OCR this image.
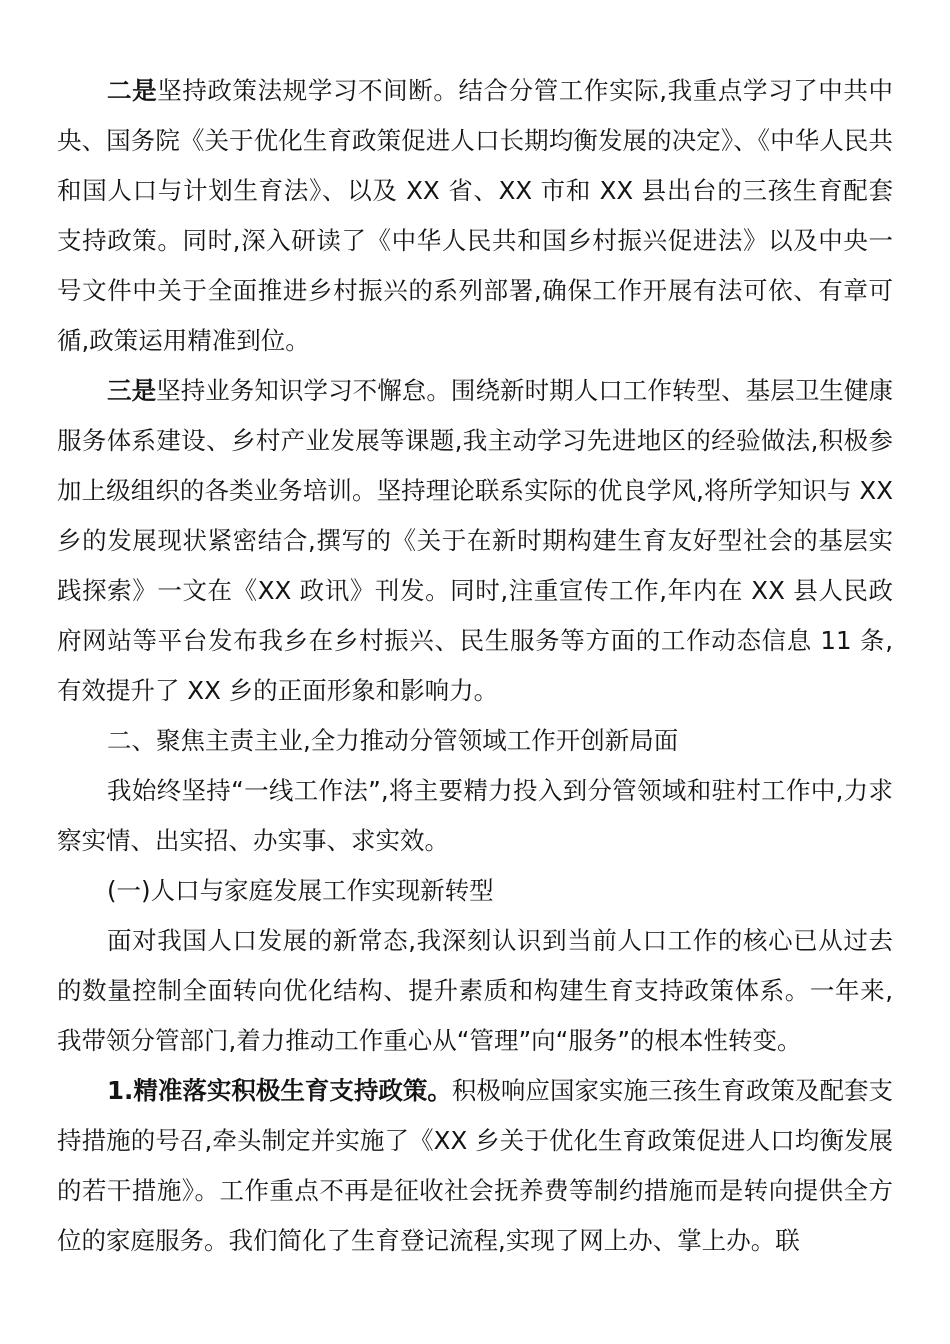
二是坚持政策法规学习不间断。结合分管工作实际,我重点学习了中共中央、国务院《关于优化生育政策促进人口长期均衡发展的决定》、《中华人民共和国人口与计划生育法》、以及 XX 省、XX 市和 XX 县出台的三孩生育配套支持政策。同时,深入研读了《中华人民共和国乡村振兴促进法》以及中央一号文件中关于全面推进乡村振兴的系列部署,确保工作开展有法可依、有章可循,政策运用精准到位。

三是坚持业务知识学习不懈怠。围绕新时期人口工作转型、基层卫生健康服务体系建设、乡村产业发展等课题,我主动学习先进地区的经验做法,积极参加上级组织的各类业务培训。坚持理论联系实际的优良学风,将所学知识与 XX 乡的发展现状紧密结合,撰写的《关于在新时期构建生育友好型社会的基层实践探索》一文在《XX 政讯》刊发。同时,注重宣传工作,年内在 XX 县人民政府网站等平台发布我乡在乡村振兴、民生服务等方面的工作动态信息 11 条,有效提升了 XX 乡的正面形象和影响力。

二、聚焦主责主业,全力推动分管领域工作开创新局面

我始终坚持“一线工作法”,将主要精力投入到分管领域和驻村工作中,力求察实情、出实招、办实事、求实效。

(一)人口与家庭发展工作实现新转型

面对我国人口发展的新常态,我深刻认识到当前人口工作的核心已从过去的数量控制全面转向优化结构、提升素质和构建生育支持政策体系。一年来,我带领分管部门,着力推动工作重心从“管理”向“服务”的根本性转变。

1.精准落实积极生育支持政策。积极响应国家实施三孩生育政策及配套支持措施的号召,牵头制定并实施了《XX 乡关于优化生育政策促进人口均衡发展的若干措施》。工作重点不再是征收社会抚养费等制约措施而是转向提供全方位的家庭服务。我们简化了生育登记流程,实现了网上办、掌上办。联
